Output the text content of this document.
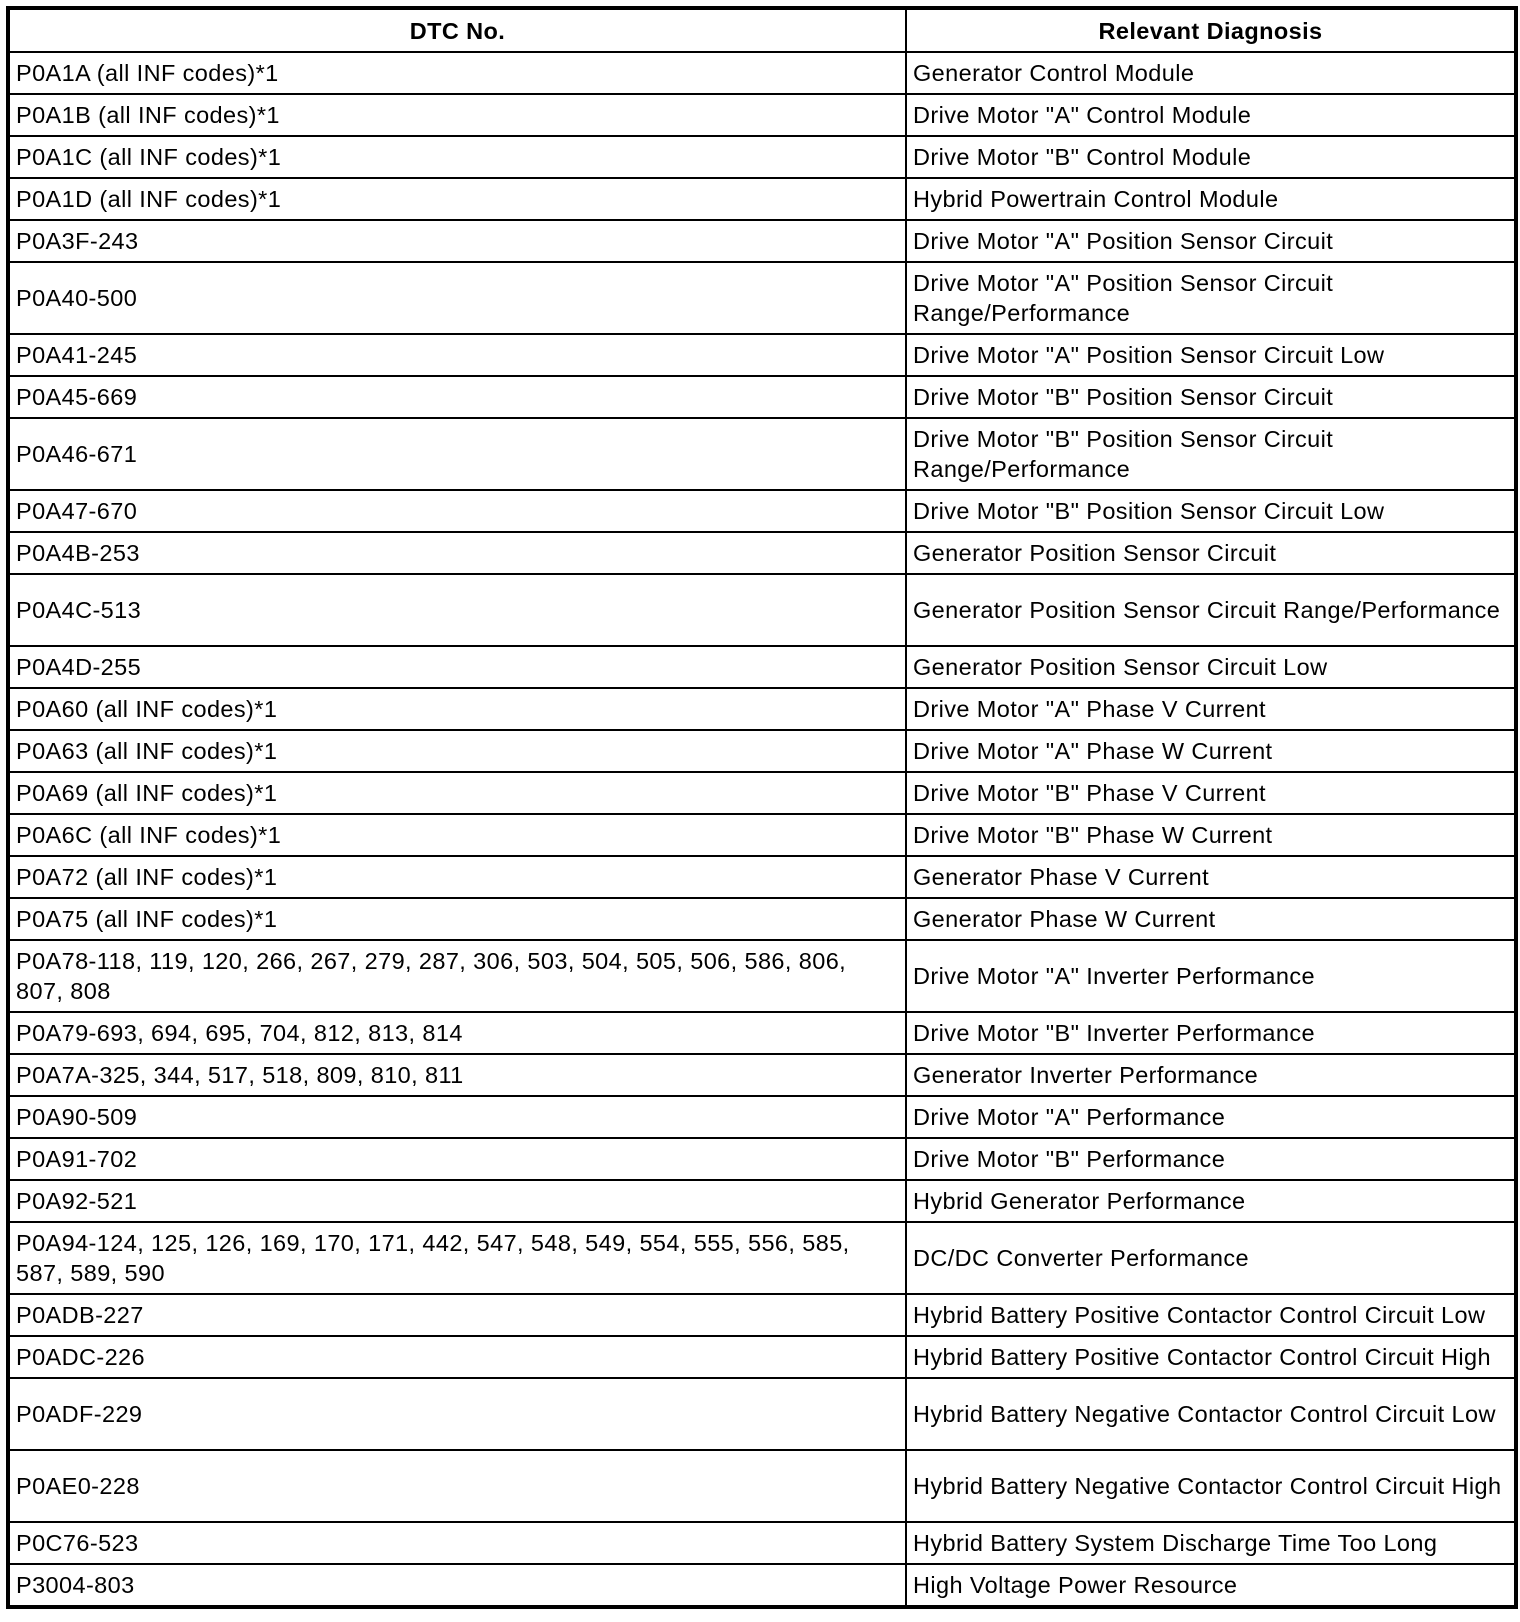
DTC No.	Relevant Diagnosis
P0A1A (all INF codes)*1	Generator Control Module
P0A1B (all INF codes)*1	Drive Motor "A" Control Module
P0A1C (all INF codes)*1	Drive Motor "B" Control Module
P0A1D (all INF codes)*1	Hybrid Powertrain Control Module
P0A3F-243	Drive Motor "A" Position Sensor Circuit
P0A40-500	Drive Motor "A" Position Sensor Circuit Range/Performance
P0A41-245	Drive Motor "A" Position Sensor Circuit Low
P0A45-669	Drive Motor "B" Position Sensor Circuit
P0A46-671	Drive Motor "B" Position Sensor Circuit Range/Performance
P0A47-670	Drive Motor "B" Position Sensor Circuit Low
P0A4B-253	Generator Position Sensor Circuit
P0A4C-513	Generator Position Sensor Circuit Range/Performance
P0A4D-255	Generator Position Sensor Circuit Low
P0A60 (all INF codes)*1	Drive Motor "A" Phase V Current
P0A63 (all INF codes)*1	Drive Motor "A" Phase W Current
P0A69 (all INF codes)*1	Drive Motor "B" Phase V Current
P0A6C (all INF codes)*1	Drive Motor "B" Phase W Current
P0A72 (all INF codes)*1	Generator Phase V Current
P0A75 (all INF codes)*1	Generator Phase W Current
P0A78-118, 119, 120, 266, 267, 279, 287, 306, 503, 504, 505, 506, 586, 806, 807, 808	Drive Motor "A" Inverter Performance
P0A79-693, 694, 695, 704, 812, 813, 814	Drive Motor "B" Inverter Performance
P0A7A-325, 344, 517, 518, 809, 810, 811	Generator Inverter Performance
P0A90-509	Drive Motor "A" Performance
P0A91-702	Drive Motor "B" Performance
P0A92-521	Hybrid Generator Performance
P0A94-124, 125, 126, 169, 170, 171, 442, 547, 548, 549, 554, 555, 556, 585, 587, 589, 590	DC/DC Converter Performance
P0ADB-227	Hybrid Battery Positive Contactor Control Circuit Low
P0ADC-226	Hybrid Battery Positive Contactor Control Circuit High
P0ADF-229	Hybrid Battery Negative Contactor Control Circuit Low
P0AE0-228	Hybrid Battery Negative Contactor Control Circuit High
P0C76-523	Hybrid Battery System Discharge Time Too Long
P3004-803	High Voltage Power Resource
